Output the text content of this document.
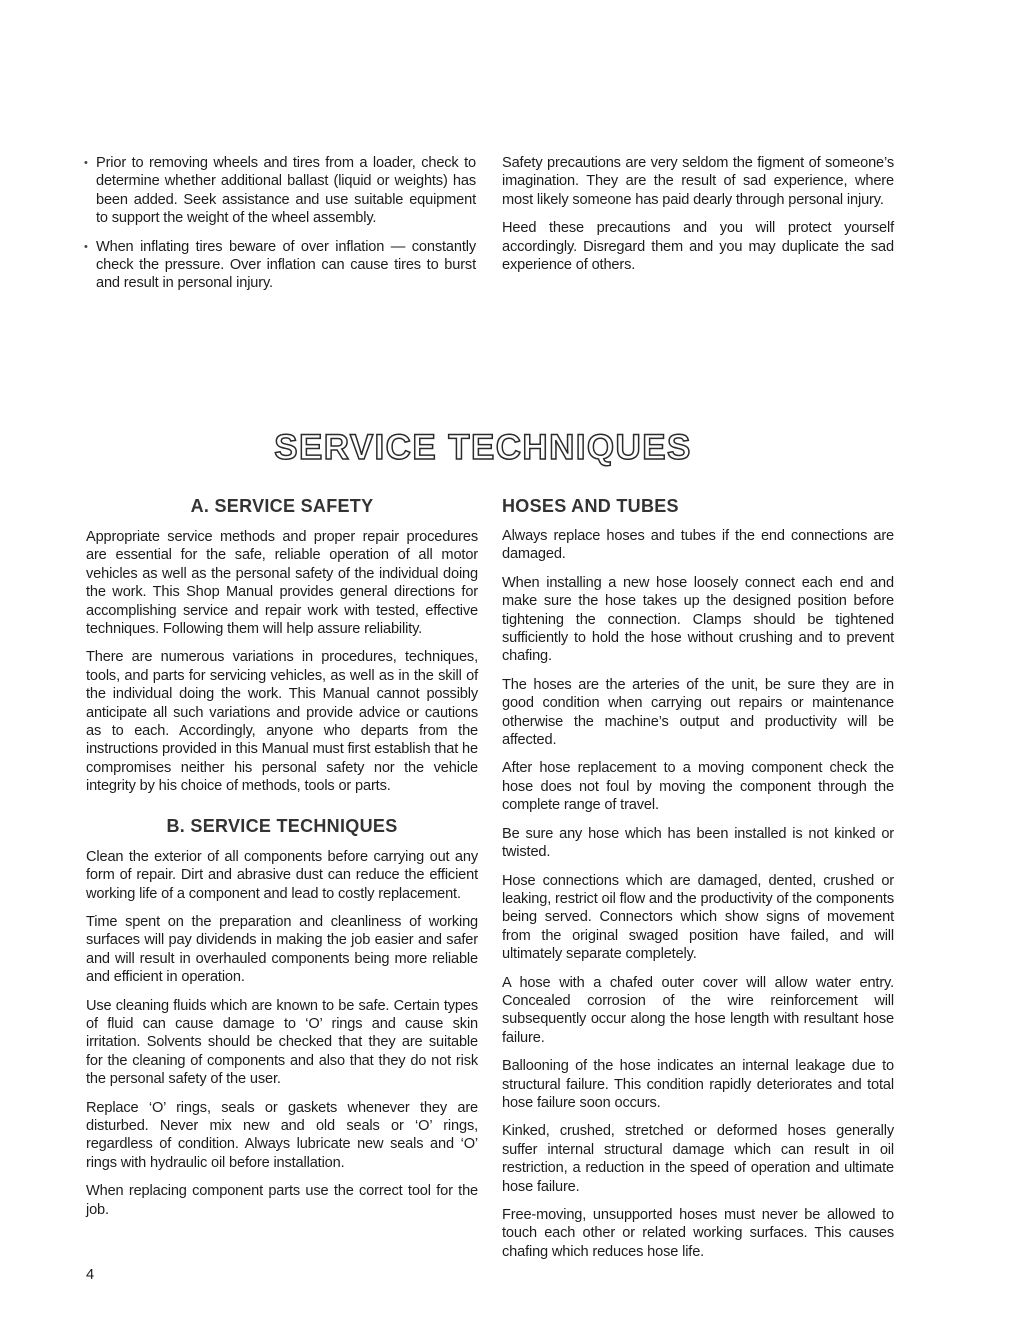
• Prior to removing wheels and tires from a loader, check to determine whether additional ballast (liquid or weights) has been added. Seek assistance and use suitable equipment to support the weight of the wheel assembly.

• When inflating tires beware of over inflation — constantly check the pressure. Over inflation can cause tires to burst and result in personal injury.

Safety precautions are very seldom the figment of someone’s imagination. They are the result of sad experience, where most likely someone has paid dearly through personal injury.

Heed these precautions and you will protect yourself accordingly. Disregard them and you may duplicate the sad experience of others.

SERVICE TECHNIQUES
A. SERVICE SAFETY

Appropriate service methods and proper repair procedures are essential for the safe, reliable operation of all motor vehicles as well as the personal safety of the individual doing the work. This Shop Manual provides general directions for accomplishing service and repair work with tested, effective techniques. Following them will help assure reliability.

There are numerous variations in procedures, techniques, tools, and parts for servicing vehicles, as well as in the skill of the individual doing the work. This Manual cannot possibly anticipate all such variations and provide advice or cautions as to each. Accordingly, anyone who departs from the instructions provided in this Manual must first establish that he compromises neither his personal safety nor the vehicle integrity by his choice of methods, tools or parts.

B. SERVICE TECHNIQUES

Clean the exterior of all components before carrying out any form of repair. Dirt and abrasive dust can reduce the efficient working life of a component and lead to costly replacement.

Time spent on the preparation and cleanliness of working surfaces will pay dividends in making the job easier and safer and will result in overhauled components being more reliable and efficient in operation.

Use cleaning fluids which are known to be safe. Certain types of fluid can cause damage to ‘O’ rings and cause skin irritation. Solvents should be checked that they are suitable for the cleaning of components and also that they do not risk the personal safety of the user.

Replace ‘O’ rings, seals or gaskets whenever they are disturbed. Never mix new and old seals or ‘O’ rings, regardless of condition. Always lubricate new seals and ‘O’ rings with hydraulic oil before installation.

When replacing component parts use the correct tool for the job.

HOSES AND TUBES

Always replace hoses and tubes if the end connections are damaged.

When installing a new hose loosely connect each end and make sure the hose takes up the designed position before tightening the connection. Clamps should be tightened sufficiently to hold the hose without crushing and to prevent chafing.

The hoses are the arteries of the unit, be sure they are in good condition when carrying out repairs or maintenance otherwise the machine’s output and productivity will be affected.

After hose replacement to a moving component check the hose does not foul by moving the component through the complete range of travel.

Be sure any hose which has been installed is not kinked or twisted.

Hose connections which are damaged, dented, crushed or leaking, restrict oil flow and the productivity of the components being served. Connectors which show signs of movement from the original swaged position have failed, and will ultimately separate completely.

A hose with a chafed outer cover will allow water entry. Concealed corrosion of the wire reinforcement will subsequently occur along the hose length with resultant hose failure.

Ballooning of the hose indicates an internal leakage due to structural failure. This condition rapidly deteriorates and total hose failure soon occurs.

Kinked, crushed, stretched or deformed hoses generally suffer internal structural damage which can result in oil restriction, a reduction in the speed of operation and ultimate hose failure.

Free-moving, unsupported hoses must never be allowed to touch each other or related working surfaces. This causes chafing which reduces hose life.

4
